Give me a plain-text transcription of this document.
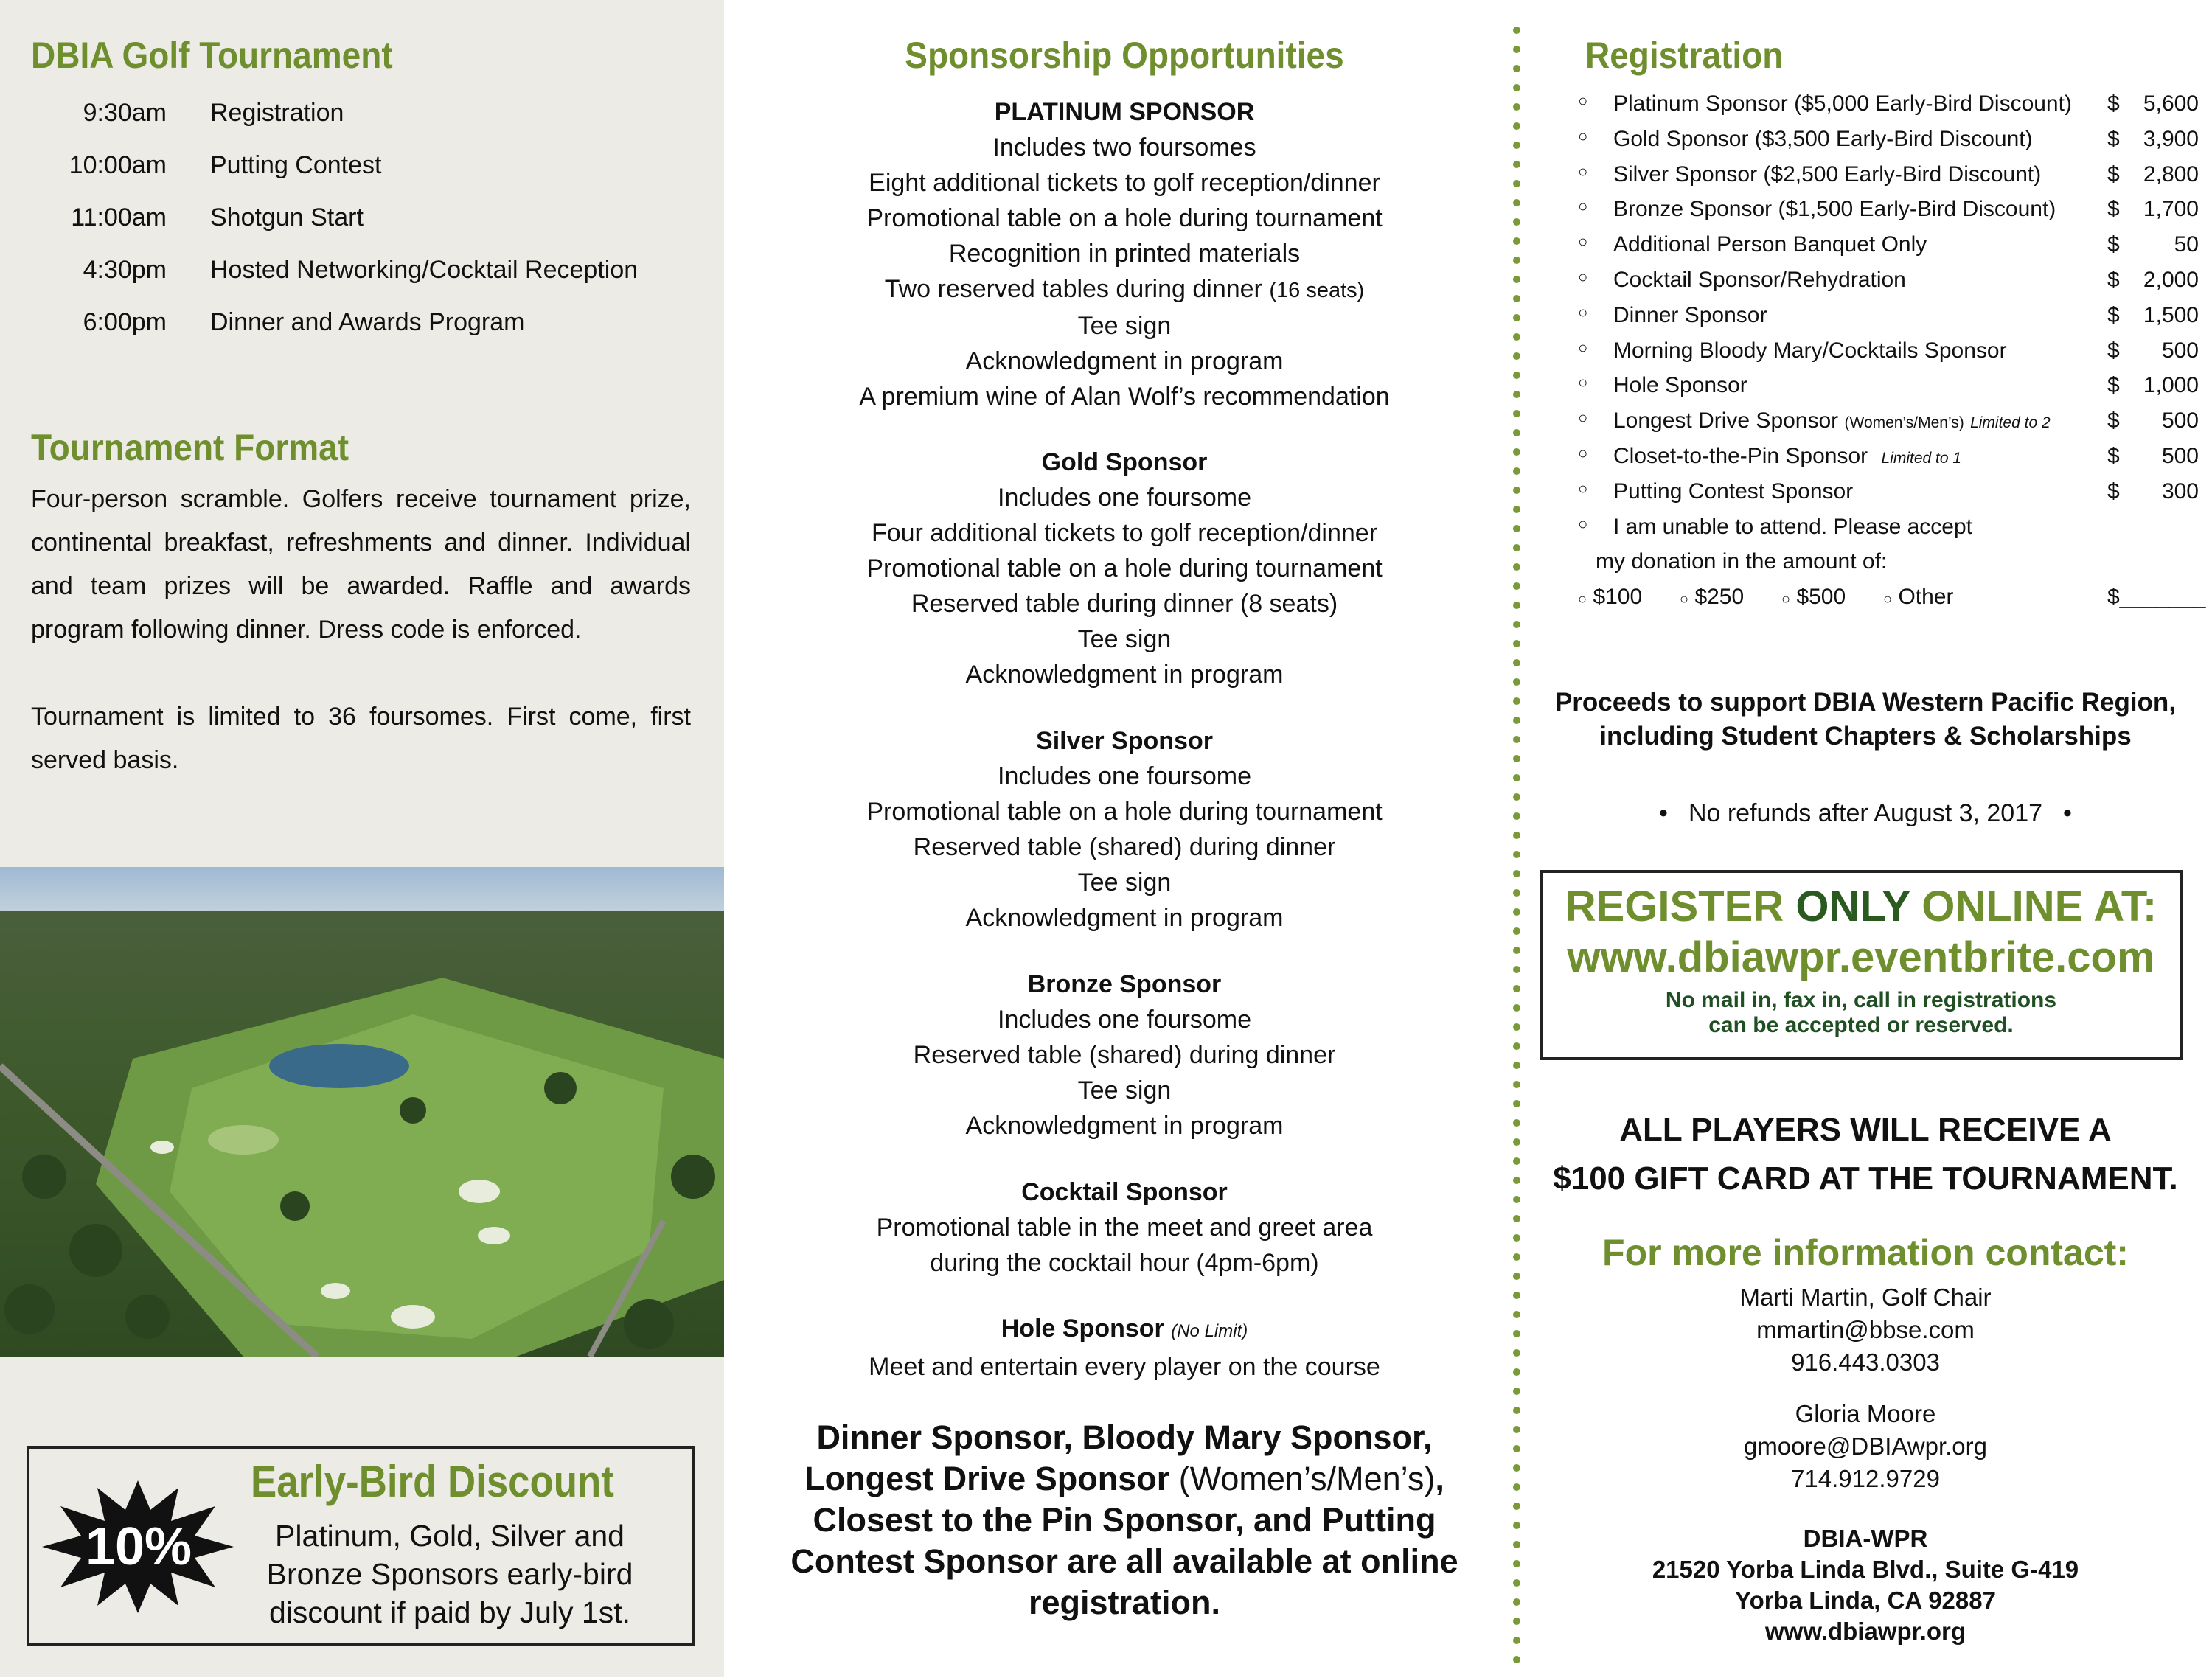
DBIA Golf Tournament
9:30am Registration
10:00am Putting Contest
11:00am Shotgun Start
4:30pm Hosted Networking/Cocktail Reception
6:00pm Dinner and Awards Program
Tournament Format
Four-person scramble. Golfers receive tournament prize, continental breakfast, refreshments and dinner. Individual and team prizes will be awarded. Raffle and awards program following dinner. Dress code is enforced.
Tournament is limited to 36 foursomes. First come, first served basis.
10%
Early-Bird Discount
Platinum, Gold, Silver and
Bronze Sponsors early-bird
discount if paid by July 1st.
Sponsorship Opportunities
PLATINUM SPONSOR
Includes two foursomes
Eight additional tickets to golf reception/dinner
Promotional table on a hole during tournament
Recognition in printed materials
Two reserved tables during dinner (16 seats)
Tee sign
Acknowledgment in program
A premium wine of Alan Wolf’s recommendation
Gold Sponsor
Includes one foursome
Four additional tickets to golf reception/dinner
Promotional table on a hole during tournament
Reserved table during dinner (8 seats)
Tee sign
Acknowledgment in program
Silver Sponsor
Includes one foursome
Promotional table on a hole during tournament
Reserved table (shared) during dinner
Tee sign
Acknowledgment in program
Bronze Sponsor
Includes one foursome
Reserved table (shared) during dinner
Tee sign
Acknowledgment in program
Cocktail Sponsor
Promotional table in the meet and greet area
during the cocktail hour (4pm-6pm)
Hole Sponsor (No Limit)
Meet and entertain every player on the course
Dinner Sponsor, Bloody Mary Sponsor,
Longest Drive Sponsor (Women’s/Men’s),
Closest to the Pin Sponsor, and Putting
Contest Sponsor are all available at online
registration.
Registration
○ Platinum Sponsor ($5,000 Early-Bird Discount) $ 5,600
○ Gold Sponsor ($3,500 Early-Bird Discount)	$ 3,900
○ Silver Sponsor ($2,500 Early-Bird Discount)	$ 2,800
○ Bronze Sponsor ($1,500 Early-Bird Discount) $ 1,700
○ Additional Person Banquet Only	$ 50
○ Cocktail Sponsor/Rehydration	$ 2,000
○ Dinner Sponsor	$ 1,500
○ Morning Bloody Mary/Cocktails Sponsor	$ 500
○ Hole Sponsor	$ 1,000
○ Longest Drive Sponsor (Women’s/Men’s) Limited to 2	$ 500
○ Closet-to-the-Pin Sponsor Limited to 1	$ 500
○ Putting Contest Sponsor	$ 300
○ I am unable to attend. Please accept
my donation in the amount of:
○ $100	○ $250	○ $500	○ Other	$_______
Proceeds to support DBIA Western Pacific Region,
including Student Chapters & Scholarships
• No refunds after August 3, 2017 •
REGISTER ONLY ONLINE AT:
www.dbiawpr.eventbrite.com
No mail in, fax in, call in registrations
can be accepted or reserved.
ALL PLAYERS WILL RECEIVE A
$100 GIFT CARD AT THE TOURNAMENT.
For more information contact:
Marti Martin, Golf Chair
mmartin@bbse.com
916.443.0303
Gloria Moore
gmoore@DBIAwpr.org
714.912.9729
DBIA-WPR
21520 Yorba Linda Blvd., Suite G-419
Yorba Linda, CA 92887
www.dbiawpr.org
